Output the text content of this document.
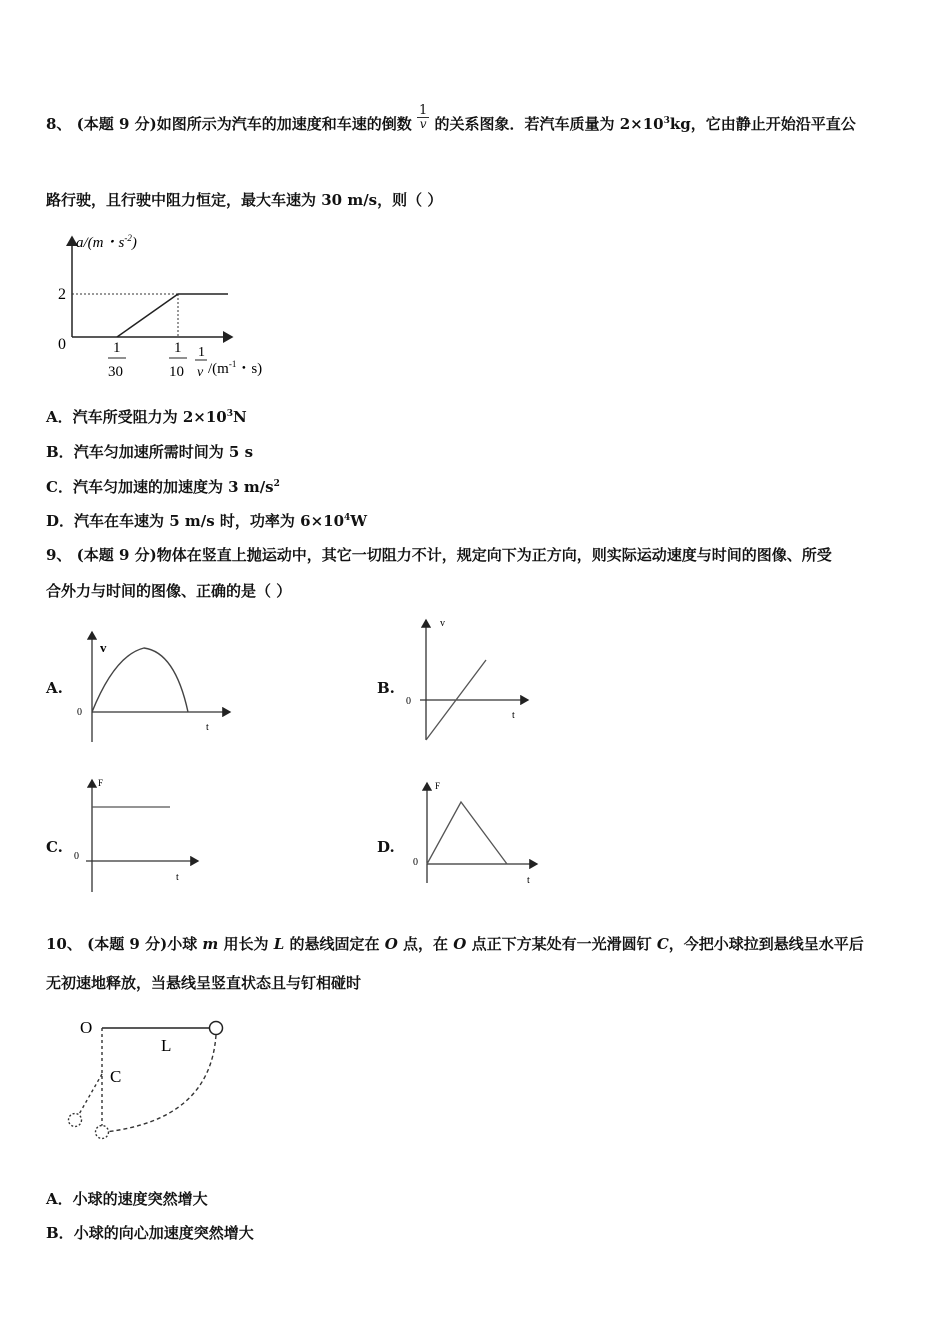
8、 (本题 9 分)如图所示为汽车的加速度和车速的倒数 $\frac{1}{v}$ 的关系图象．若汽车质量为 $2\times 10^3kg$，它由静止开始沿平直公
路行驶，且行驶中阻力恒定，最大车速为 30 m/s，则（ ）
a/(m・$s^{-2}$)
2
0	1
30
1
10
1
v $/(m^{-1}$・s)
A．汽车所受阻力为 $2\times 10^3N$
B．汽车匀加速所需时间为 5 s
C．汽车匀加速的加速度为 3 $m/s^2$
D．汽车在车速为 5 m/s 时，功率为 $6\times 10^4W$
9、 (本题 9 分)物体在竖直上抛运动中，其它一切阻力不计，规定向下为正方向，则实际运动速度与时间的图像、所受
合外力与时间的图像、正确的是（ ）
A.
v
0
t
B.
v
0
t
C.
F
0
t
D.
F
0
t
10、 (本题 9 分)小球 m 用长为 L 的悬线固定在 O 点，在 O 点正下方某处有一光滑圆钉 C，今把小球拉到悬线呈水平后
无初速地释放，当悬线呈竖直状态且与钉相碰时
O
L
C
A．小球的速度突然增大
B．小球的向心加速度突然增大
